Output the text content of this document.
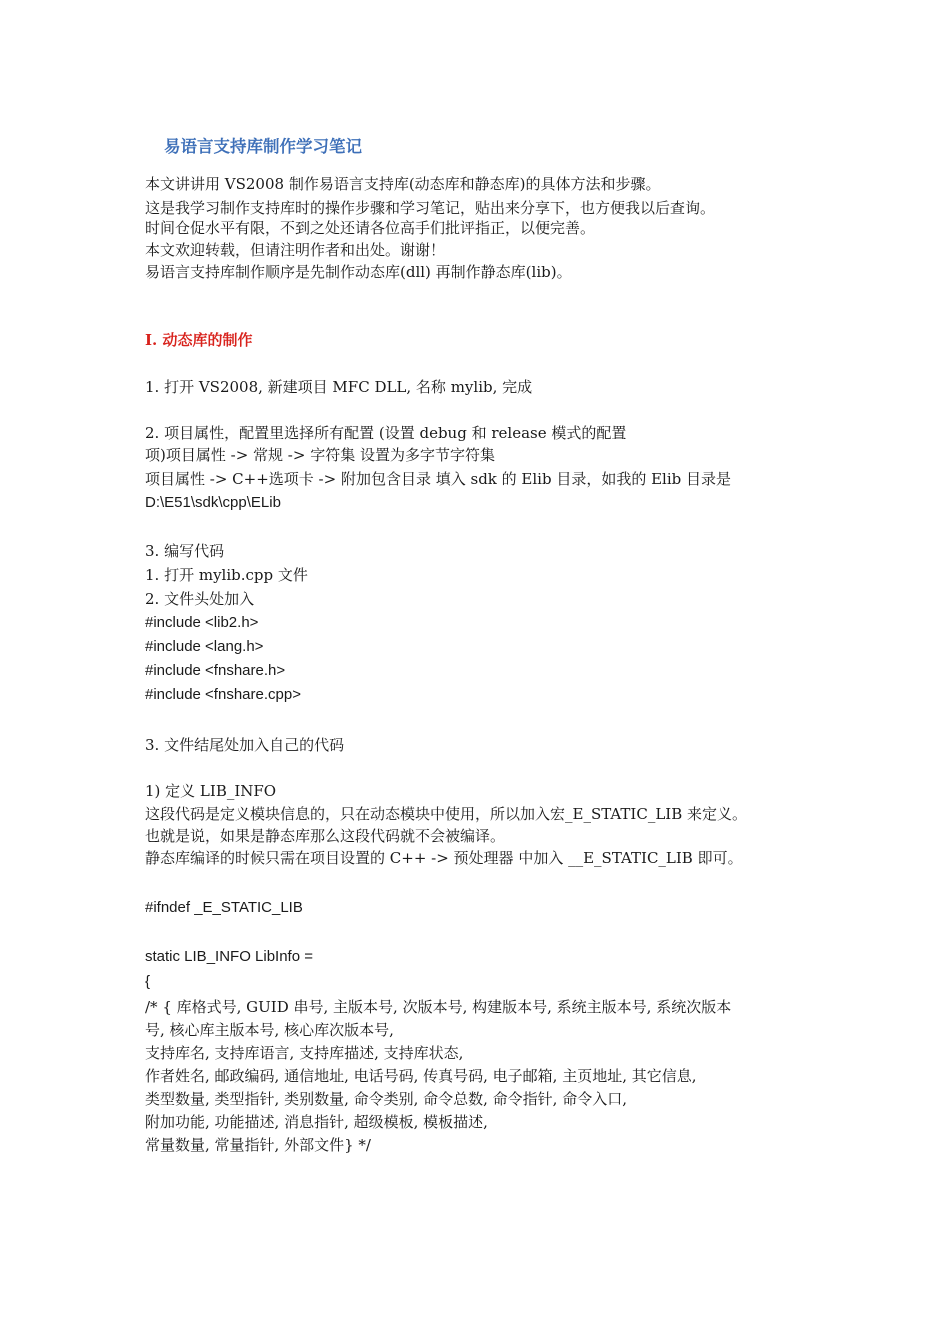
易语言支持库制作学习笔记
本文讲讲用 VS2008 制作易语言支持库(动态库和静态库)的具体方法和步骤。
这是我学习制作支持库时的操作步骤和学习笔记，贴出来分享下，也方便我以后查询。
时间仓促水平有限，不到之处还请各位高手们批评指正，以便完善。
本文欢迎转载，但请注明作者和出处。谢谢！
易语言支持库制作顺序是先制作动态库(dll) 再制作静态库(lib)。
I. 动态库的制作
1. 打开 VS2008, 新建项目 MFC DLL, 名称 mylib, 完成
2. 项目属性，配置里选择所有配置 (设置 debug 和 release 模式的配置
项)项目属性 -> 常规 -> 字符集 设置为多字节字符集
项目属性 -> C++选项卡 -> 附加包含目录 填入 sdk 的 Elib 目录，如我的 Elib 目录是
D:\E51\sdk\cpp\ELib
3. 编写代码
1. 打开 mylib.cpp 文件
2. 文件头处加入
#include <lib2.h>
#include <lang.h>
#include <fnshare.h>
#include <fnshare.cpp>
3. 文件结尾处加入自己的代码
1) 定义 LIB_INFO
这段代码是定义模块信息的，只在动态模块中使用，所以加入宏_E_STATIC_LIB 来定义。
也就是说，如果是静态库那么这段代码就不会被编译。
静态库编译的时候只需在项目设置的 C++ -> 预处理器 中加入 __E_STATIC_LIB 即可。
#ifndef _E_STATIC_LIB
static LIB_INFO LibInfo =
{
/* { 库格式号, GUID 串号, 主版本号, 次版本号, 构建版本号, 系统主版本号, 系统次版本
号, 核心库主版本号, 核心库次版本号,
支持库名, 支持库语言, 支持库描述, 支持库状态,
作者姓名, 邮政编码, 通信地址, 电话号码, 传真号码, 电子邮箱, 主页地址, 其它信息,
类型数量, 类型指针, 类别数量, 命令类别, 命令总数, 命令指针, 命令入口,
附加功能, 功能描述, 消息指针, 超级模板, 模板描述,
常量数量, 常量指针, 外部文件} */
